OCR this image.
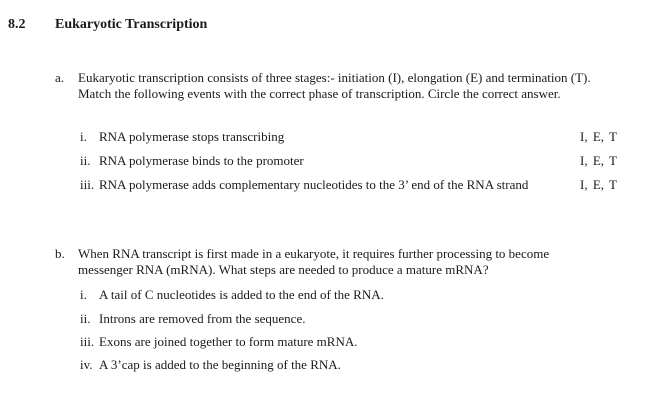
8.2 Eukaryotic Transcription
a. Eukaryotic transcription consists of three stages:- initiation (I), elongation (E) and termination (T).
Match the following events with the correct phase of transcription. Circle the correct answer.
i. RNA polymerase stops transcribing	I, E, T
ii. RNA polymerase binds to the promoter	I, E, T
iii. RNA polymerase adds complementary nucleotides to the 3’ end of the RNA strand	I, E, T
b. When RNA transcript is first made in a eukaryote, it requires further processing to become
messenger RNA (mRNA). What steps are needed to produce a mature mRNA?
i. A tail of C nucleotides is added to the end of the RNA.
ii. Introns are removed from the sequence.
iii. Exons are joined together to form mature mRNA.
iv. A 3’cap is added to the beginning of the RNA.
